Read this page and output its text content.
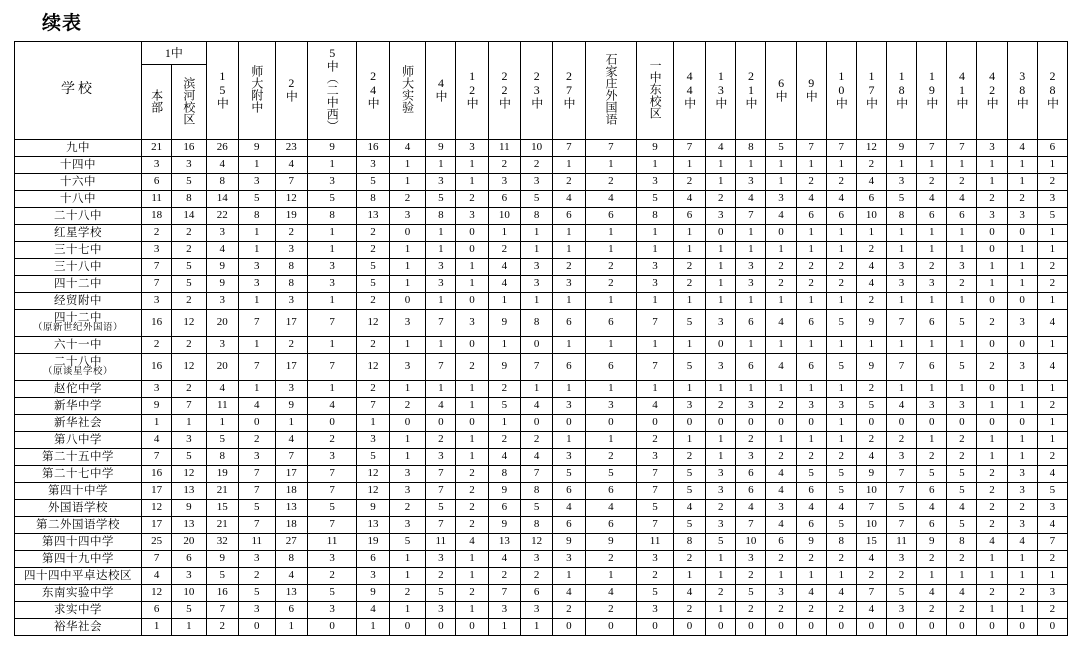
续表
学校	1中		15中	师大附中	2中	5中（二中西）	24中	师大实验	4中	12中	22中	23中	27中	石家庄外国语	一中东校区	44中	13中	21中	6中	9中	10中	17中	18中	19中	41中	42中	38中	28中
	本部	滨河校区																										

九中	21	16	26	9	23	9	16	4	9	3	11	10	7	7	9	7	4	8	5	7	7	12	9	7	7	3	4	6

十四中	3	3	4	1	4	1	3	1	1	1	2	2	1	1	1	1	1	1	1	1	1	2	1	1	1	1	1	1

十六中	6	5	8	3	7	3	5	1	3	1	3	3	2	2	3	2	1	3	1	2	2	4	3	2	2	1	1	2

十八中	11	8	14	5	12	5	8	2	5	2	6	5	4	4	5	4	2	4	3	4	4	6	5	4	4	2	2	3

二十八中	18	14	22	8	19	8	13	3	8	3	10	8	6	6	8	6	3	7	4	6	6	10	8	6	6	3	3	5

红星学校	2	2	3	1	2	1	2	0	1	0	1	1	1	1	1	1	0	1	0	1	1	1	1	1	1	0	0	1

三十七中	3	2	4	1	3	1	2	1	1	0	2	1	1	1	1	1	1	1	1	1	1	2	1	1	1	0	1	1

三十八中	7	5	9	3	8	3	5	1	3	1	4	3	2	2	3	2	1	3	2	2	2	4	3	2	3	1	1	2

四十二中	7	5	9	3	8	3	5	1	3	1	4	3	3	2	3	2	1	3	2	2	2	4	3	3	2	1	1	2

经贸附中	3	2	3	1	3	1	2	0	1	0	1	1	1	1	1	1	1	1	1	1	1	2	1	1	1	0	0	1

四十二中
（原新世纪外国语）	16	12	20	7	17	7	12	3	7	3	9	8	6	6	7	5	3	6	4	6	5	9	7	6	5	2	3	4

六十一中	2	2	3	1	2	1	2	1	1	0	1	0	1	1	1	1	0	1	1	1	1	1	1	1	1	0	0	1

二十八中
（原谈星学校）	16	12	20	7	17	7	12	3	7	2	9	7	6	6	7	5	3	6	4	6	5	9	7	6	5	2	3	4

赵佗中学	3	2	4	1	3	1	2	1	1	1	2	1	1	1	1	1	1	1	1	1	1	2	1	1	1	0	1	1

新华中学	9	7	11	4	9	4	7	2	4	1	5	4	3	3	4	3	2	3	2	3	3	5	4	3	3	1	1	2

新华社会	1	1	1	0	1	0	1	0	0	0	1	0	0	0	0	0	0	0	0	0	1	0	0	0	0	0	0	1

第八中学	4	3	5	2	4	2	3	1	2	1	2	2	1	1	2	1	1	2	1	1	1	2	2	1	2	1	1	1

第二十五中学	7	5	8	3	7	3	5	1	3	1	4	4	3	2	3	2	1	3	2	2	2	4	3	2	2	1	1	2

第二十七中学	16	12	19	7	17	7	12	3	7	2	8	7	5	5	7	5	3	6	4	5	5	9	7	5	5	2	3	4

第四十中学	17	13	21	7	18	7	12	3	7	2	9	8	6	6	7	5	3	6	4	6	5	10	7	6	5	2	3	5

外国语学校	12	9	15	5	13	5	9	2	5	2	6	5	4	4	5	4	2	4	3	4	4	7	5	4	4	2	2	3

第二外国语学校	17	13	21	7	18	7	13	3	7	2	9	8	6	6	7	5	3	7	4	6	5	10	7	6	5	2	3	4

第四十四中学	25	20	32	11	27	11	19	5	11	4	13	12	9	9	11	8	5	10	6	9	8	15	11	9	8	4	4	7

第四十九中学	7	6	9	3	8	3	6	1	3	1	4	3	3	2	3	2	1	3	2	2	2	4	3	2	2	1	1	2

四十四中平卓达校区	4	3	5	2	4	2	3	1	2	1	2	2	1	1	2	1	1	2	1	1	1	2	2	1	1	1	1	1

东南实验中学	12	10	16	5	13	5	9	2	5	2	7	6	4	4	5	4	2	5	3	4	4	7	5	4	4	2	2	3

求实中学	6	5	7	3	6	3	4	1	3	1	3	3	2	2	3	2	1	2	2	2	2	4	3	2	2	1	1	2

裕华社会	1	1	2	0	1	0	1	0	0	0	1	1	0	0	0	0	0	0	0	0	0	0	0	0	0	0	0	0
